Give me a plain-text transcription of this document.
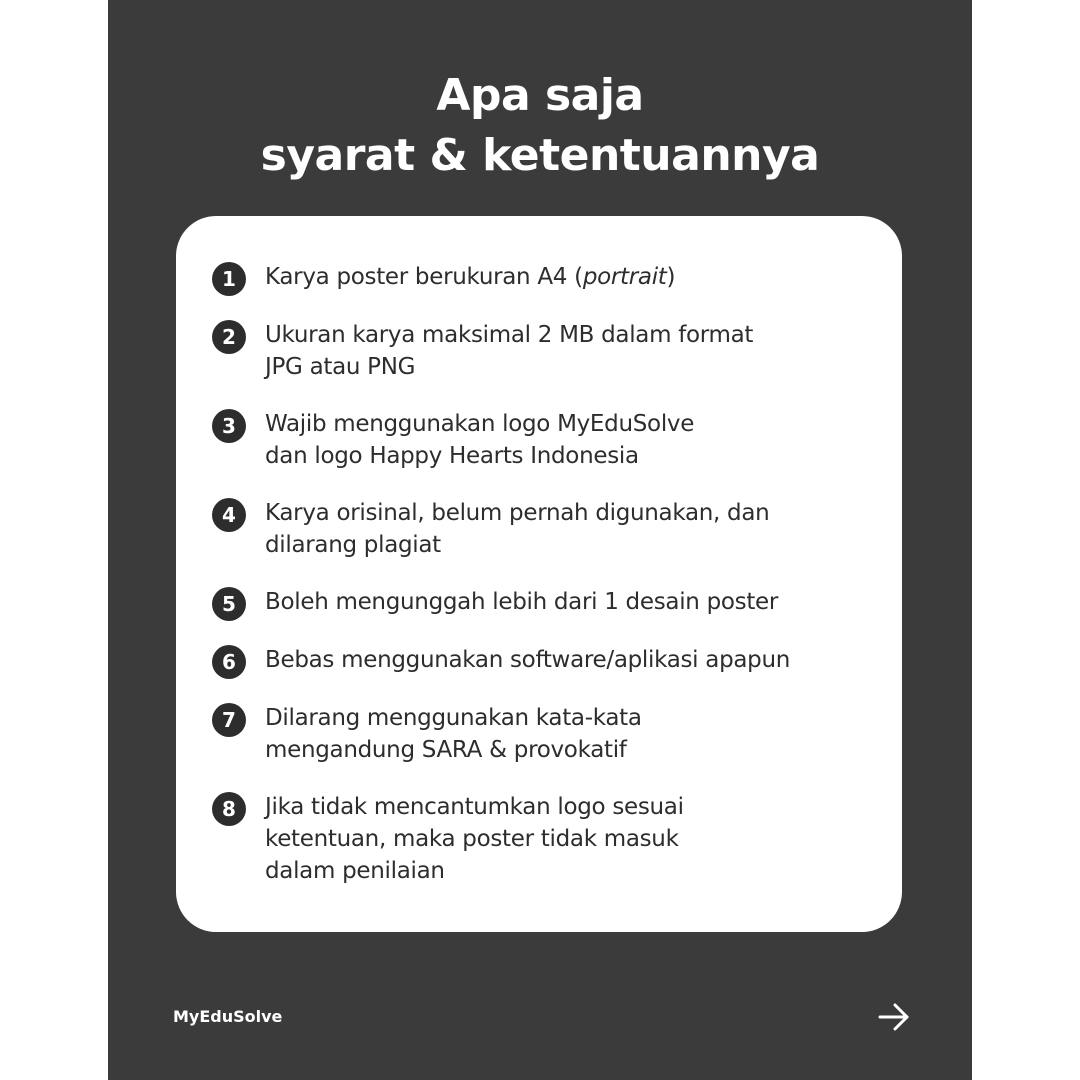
Apa saja
syarat & ketentuannya
1	Karya poster berukuran A4 (portrait)
2	Ukuran karya maksimal 2 MB dalam format
JPG atau PNG
3	Wajib menggunakan logo MyEduSolve
dan logo Happy Hearts Indonesia
4	Karya orisinal, belum pernah digunakan, dan
dilarang plagiat
5	Boleh mengunggah lebih dari 1 desain poster
6	Bebas menggunakan software/aplikasi apapun
7	Dilarang menggunakan kata-kata
mengandung SARA & provokatif
8	Jika tidak mencantumkan logo sesuai
ketentuan, maka poster tidak masuk
dalam penilaian
MyEduSolve
